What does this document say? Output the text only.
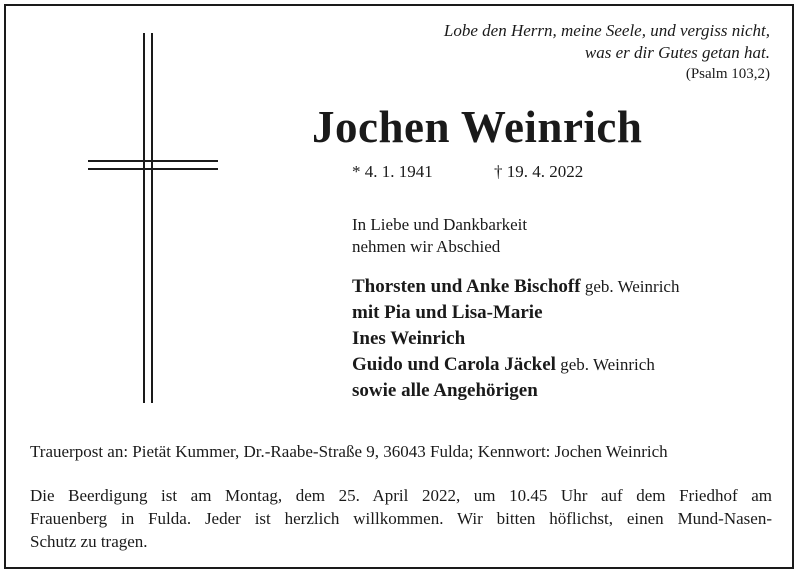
Lobe den Herrn, meine Seele, und vergiss nicht,
was er dir Gutes getan hat.
(Psalm 103,2)
Jochen Weinrich
* 4. 1. 1941	† 19. 4. 2022
In Liebe und Dankbarkeit
nehmen wir Abschied
Thorsten und Anke Bischoff geb. Weinrich
mit Pia und Lisa-Marie
Ines Weinrich
Guido und Carola Jäckel geb. Weinrich
sowie alle Angehörigen
Trauerpost an: Pietät Kummer, Dr.-Raabe-Straße 9, 36043 Fulda; Kennwort: Jochen Weinrich
Die Beerdigung ist am Montag, dem 25. April 2022, um 10.45 Uhr auf dem Friedhof am
Frauenberg in Fulda. Jeder ist herzlich willkommen. Wir bitten höflichst, einen Mund-Nasen-
Schutz zu tragen.
